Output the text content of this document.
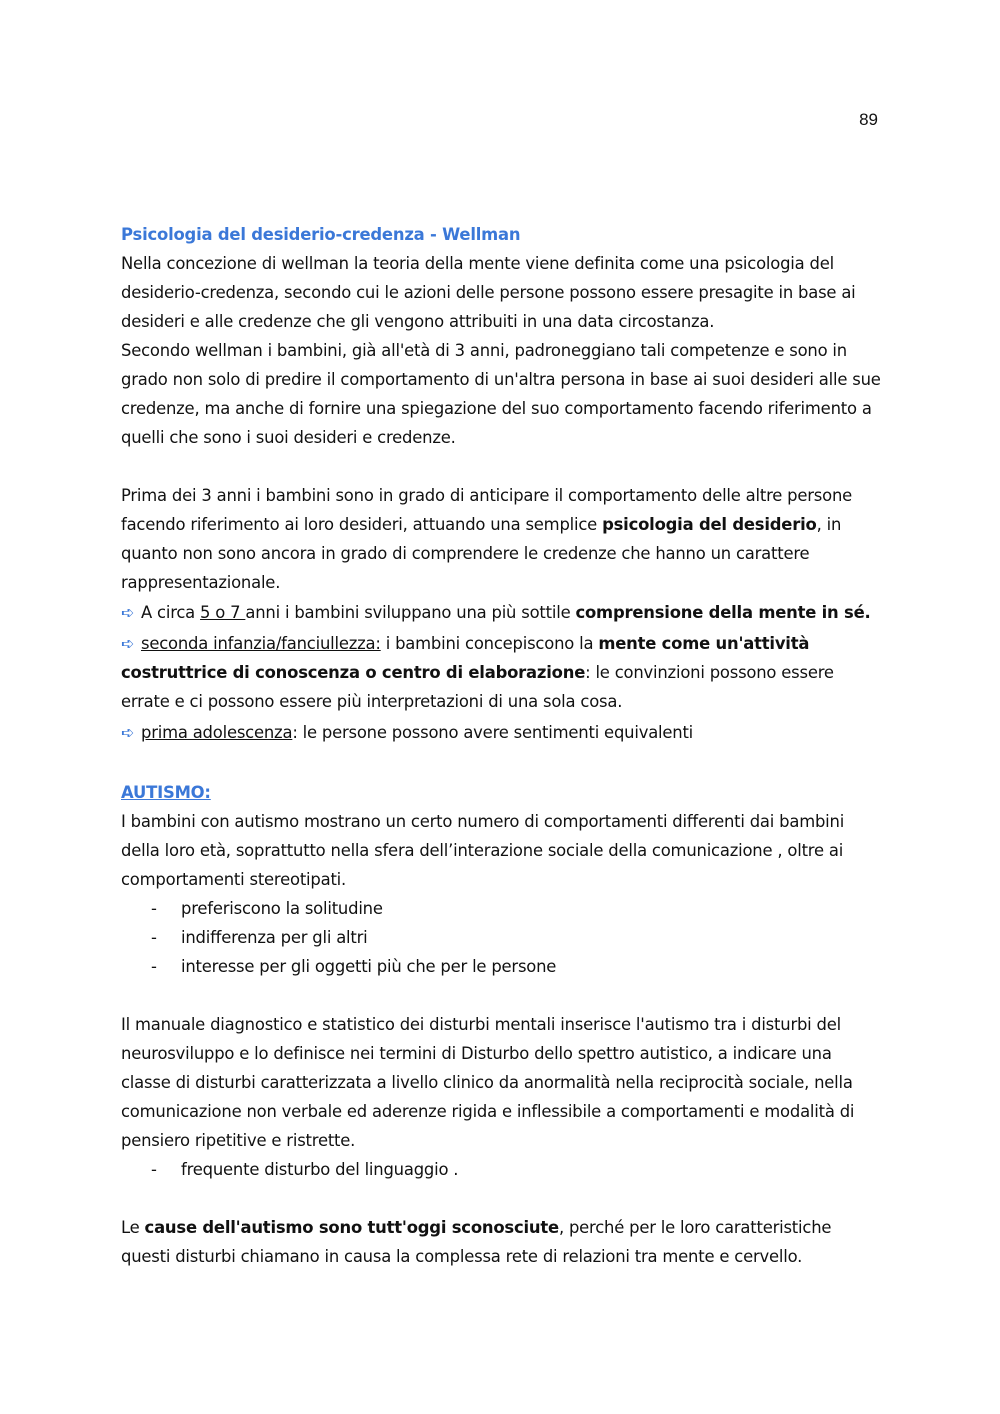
89

Psicologia del desiderio-credenza - Wellman

Nella concezione di wellman la teoria della mente viene definita come una psicologia del desiderio-credenza, secondo cui le azioni delle persone possono essere presagite in base ai desideri e alle credenze che gli vengono attribuiti in una data circostanza.

Secondo wellman i bambini, già all'età di 3 anni, padroneggiano tali competenze e sono in grado non solo di predire il comportamento di un'altra persona in base ai suoi desideri alle sue credenze, ma anche di fornire una spiegazione del suo comportamento facendo riferimento a quelli che sono i suoi desideri e credenze.

Prima dei 3 anni i bambini sono in grado di anticipare il comportamento delle altre persone facendo riferimento ai loro desideri, attuando una semplice psicologia del desiderio, in quanto non sono ancora in grado di comprendere le credenze che hanno un carattere rappresentazionale.

➪ A circa 5 o 7 anni i bambini sviluppano una più sottile comprensione della mente in sé.

➪ seconda infanzia/fanciullezza: i bambini concepiscono la mente come un'attività costruttrice di conoscenza o centro di elaborazione: le convinzioni possono essere errate e ci possono essere più interpretazioni di una sola cosa.

➪ prima adolescenza: le persone possono avere sentimenti equivalenti

AUTISMO:

I bambini con autismo mostrano un certo numero di comportamenti differenti dai bambini della loro età, soprattutto nella sfera dell’interazione sociale della comunicazione , oltre ai comportamenti stereotipati.

- preferiscono la solitudine

- indifferenza per gli altri

- interesse per gli oggetti più che per le persone

Il manuale diagnostico e statistico dei disturbi mentali inserisce l'autismo tra i disturbi del neurosviluppo e lo definisce nei termini di Disturbo dello spettro autistico, a indicare una classe di disturbi caratterizzata a livello clinico da anormalità nella reciprocità sociale, nella comunicazione non verbale ed aderenze rigida e inflessibile a comportamenti e modalità di pensiero ripetitive e ristrette.

- frequente disturbo del linguaggio .

Le cause dell'autismo sono tutt'oggi sconosciute, perché per le loro caratteristiche questi disturbi chiamano in causa la complessa rete di relazioni tra mente e cervello.
